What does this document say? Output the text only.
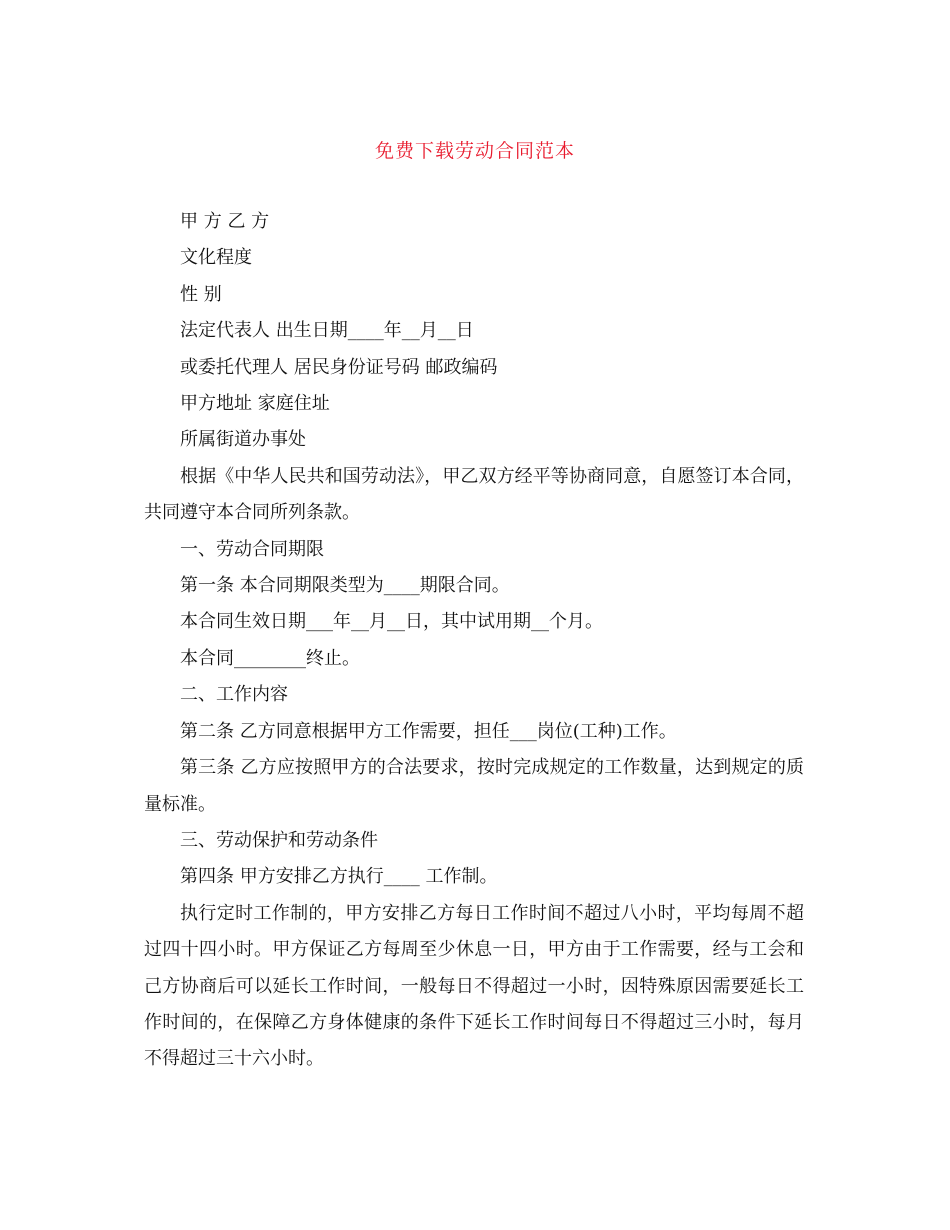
免费下载劳动合同范本

甲 方 乙 方

文化程度

性 别

法定代表人 出生日期____年__月__日

或委托代理人 居民身份证号码 邮政编码

甲方地址 家庭住址

所属街道办事处

根据《中华人民共和国劳动法》，甲乙双方经平等协商同意，自愿签订本合同，共同遵守本合同所列条款。

一、劳动合同期限

第一条 本合同期限类型为____期限合同。

本合同生效日期___年__月__日，其中试用期__个月。

本合同________终止。

二、工作内容

第二条 乙方同意根据甲方工作需要，担任___岗位(工种)工作。

第三条 乙方应按照甲方的合法要求，按时完成规定的工作数量，达到规定的质量标准。

三、劳动保护和劳动条件

第四条 甲方安排乙方执行____ 工作制。

执行定时工作制的，甲方安排乙方每日工作时间不超过八小时，平均每周不超过四十四小时。甲方保证乙方每周至少休息一日，甲方由于工作需要，经与工会和己方协商后可以延长工作时间，一般每日不得超过一小时，因特殊原因需要延长工作时间的，在保障乙方身体健康的条件下延长工作时间每日不得超过三小时，每月不得超过三十六小时。
